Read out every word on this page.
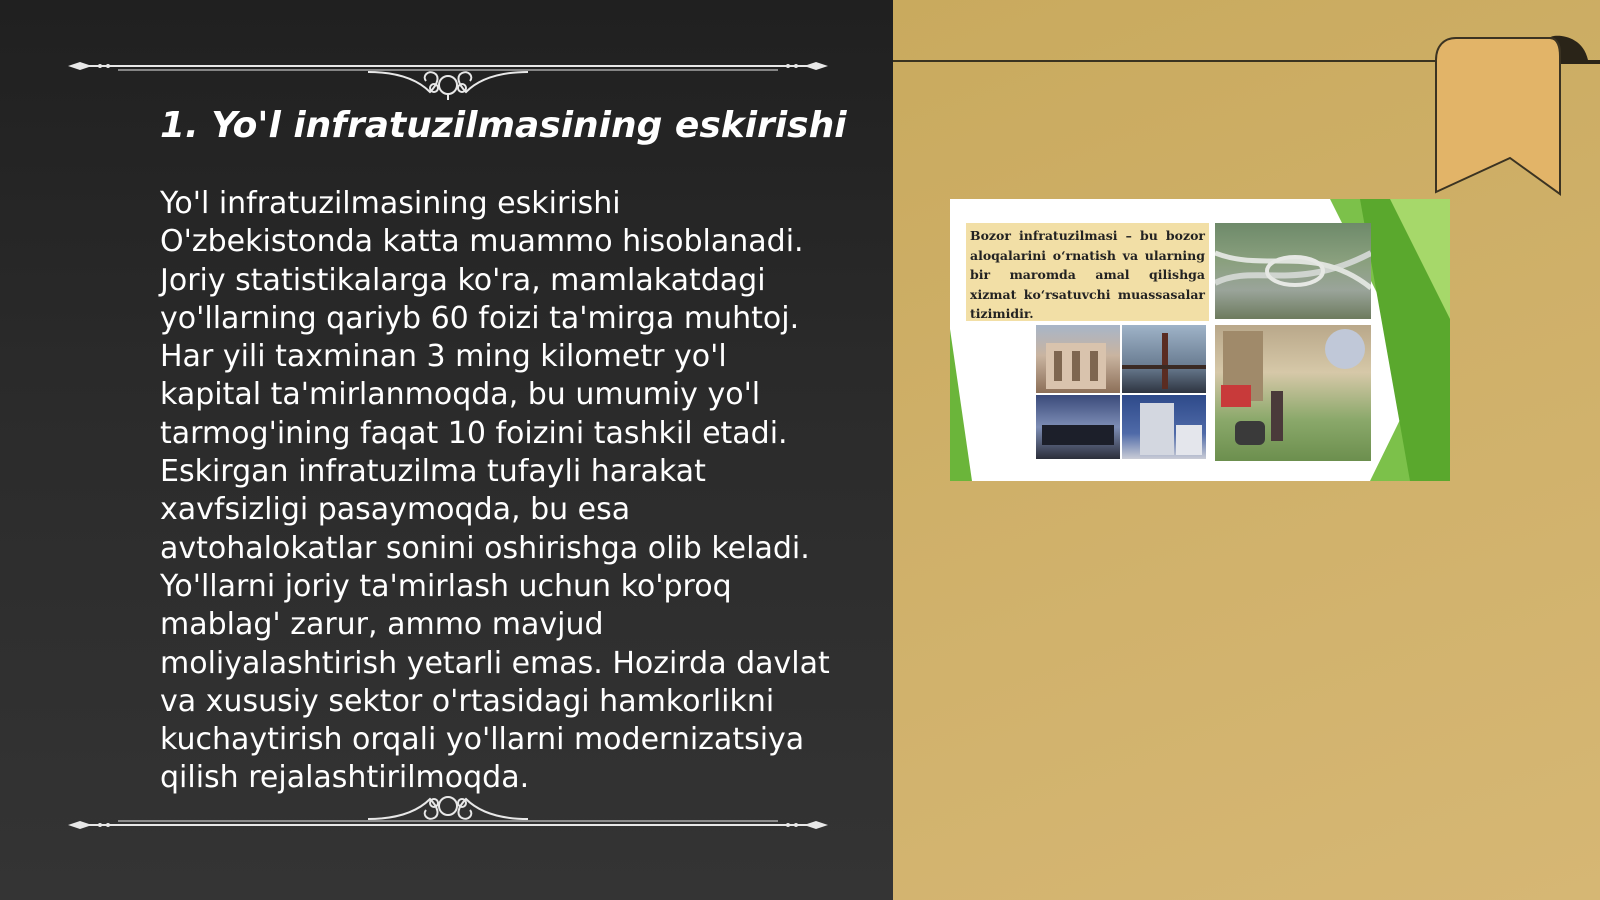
1. Yo'l infratuzilmasining eskirishi

Yo'l infratuzilmasining eskirishi O'zbekistonda katta muammo hisoblanadi. Joriy statistikalarga ko'ra, mamlakatdagi yo'llarning qariyb 60 foizi ta'mirga muhtoj. Har yili taxminan 3 ming kilometr yo'l kapital ta'mirlanmoqda, bu umumiy yo'l tarmog'ining faqat 10 foizini tashkil etadi. Eskirgan infratuzilma tufayli harakat xavfsizligi pasaymoqda, bu esa avtohalokatlar sonini oshirishga olib keladi. Yo'llarni joriy ta'mirlash uchun ko'proq mablag' zarur, ammo mavjud moliyalashtirish yetarli emas. Hozirda davlat va xususiy sektor o'rtasidagi hamkorlikni kuchaytirish orqali yo'llarni modernizatsiya qilish rejalashtirilmoqda.

Bozor infratuzilmasi – bu bozor aloqalarini o‘rnatish va ularning bir maromda amal qilishga xizmat ko‘rsatuvchi muassasalar tizimidir.
